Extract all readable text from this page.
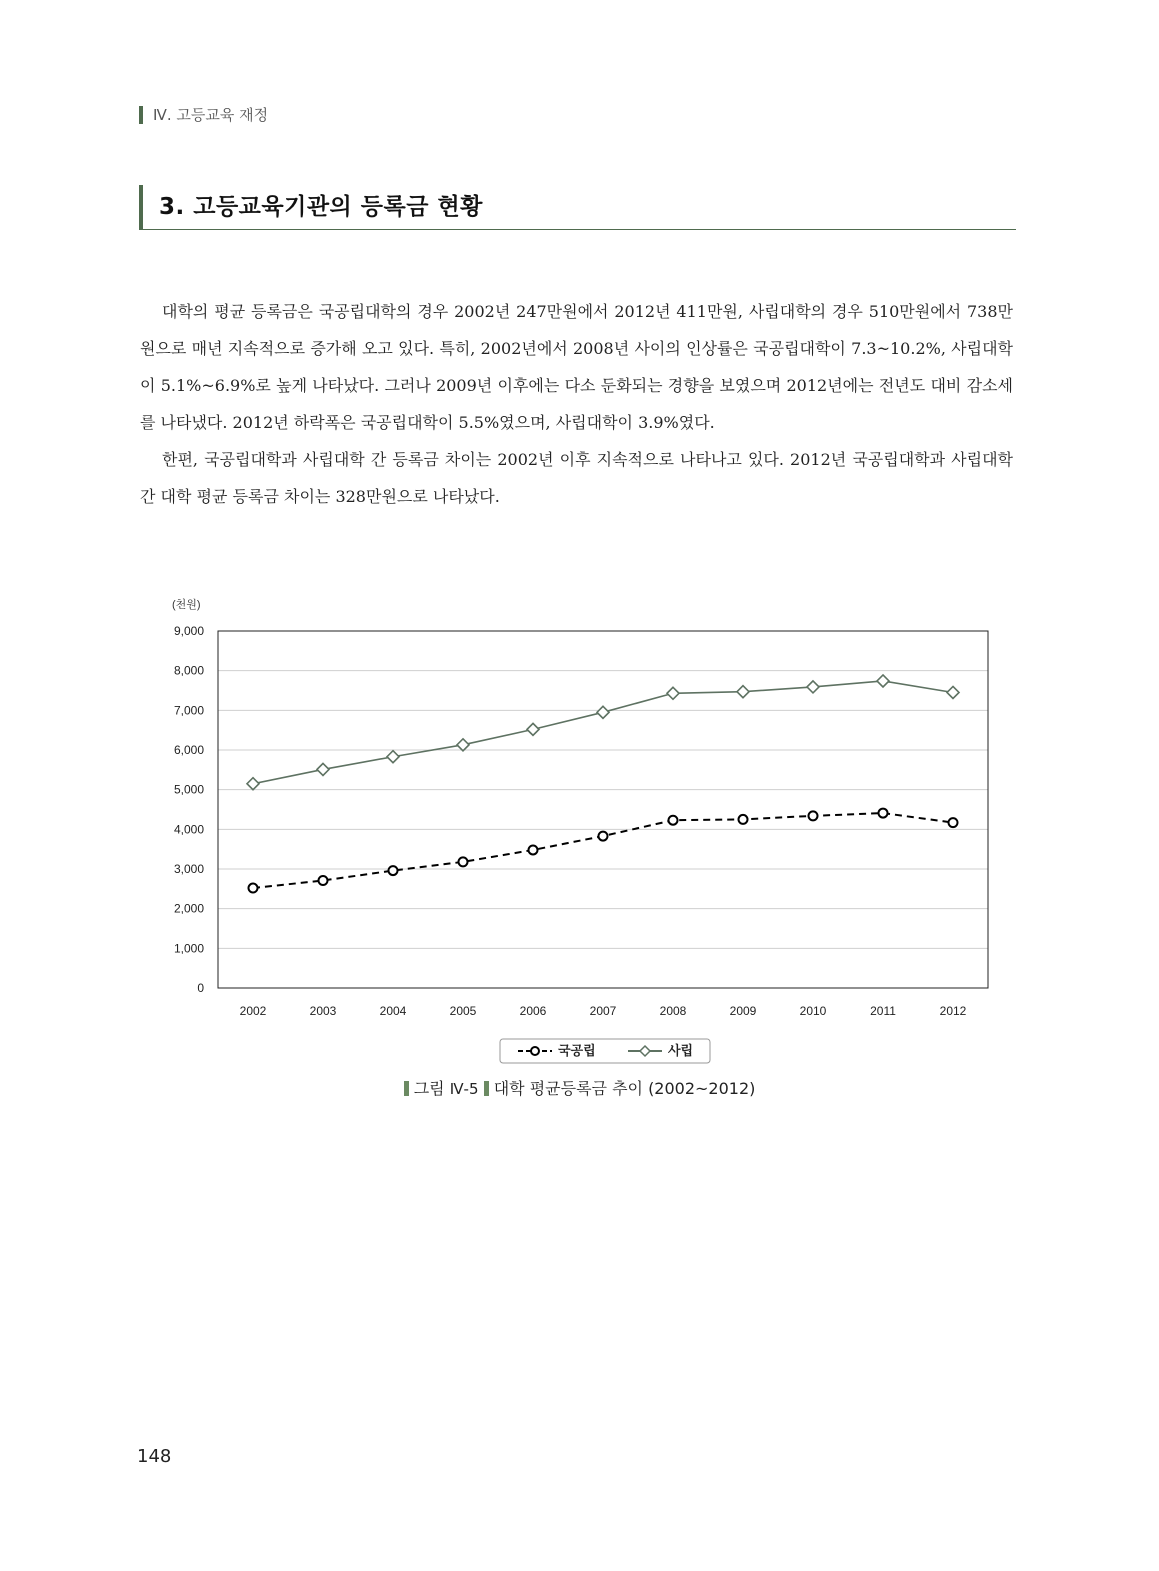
Ⅳ. 고등교육 재정
3. 고등교육기관의 등록금 현황

대학의 평균 등록금은 국공립대학의 경우 2002년 247만원에서 2012년 411만원, 사립대학의 경우 510만원에서 738만원으로 매년 지속적으로 증가해 오고 있다. 특히, 2002년에서 2008년 사이의 인상률은 국공립대학이 7.3~10.2%, 사립대학이 5.1%~6.9%로 높게 나타났다. 그러나 2009년 이후에는 다소 둔화되는 경향을 보였으며 2012년에는 전년도 대비 감소세를 나타냈다. 2012년 하락폭은 국공립대학이 5.5%였으며, 사립대학이 3.9%였다.

한편, 국공립대학과 사립대학 간 등록금 차이는 2002년 이후 지속적으로 나타나고 있다. 2012년 국공립대학과 사립대학 간 대학 평균 등록금 차이는 328만원으로 나타났다.

0
1,000
2,000
3,000
4,000
5,000
6,000
7,000
8,000
9,000
(천원)
2002	2003	2004	2005	2006	2007	2008	2009	2010	2011	2012
국공립	사립
그림 Ⅳ-5 대학 평균등록금 추이 (2002~2012)
148
